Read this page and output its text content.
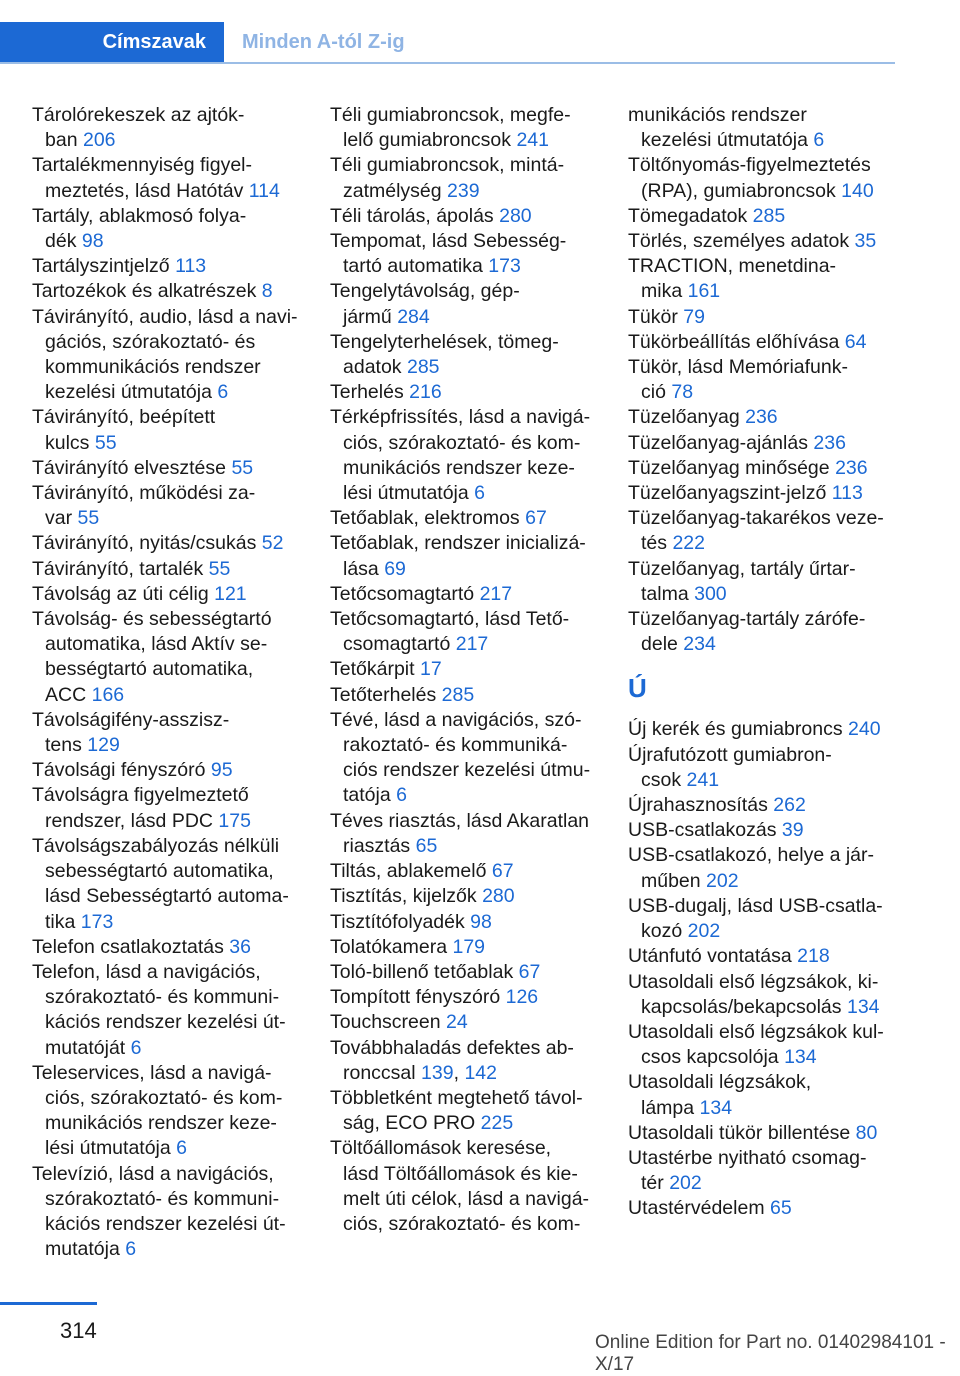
Címszavak	Minden A-tól Z-ig
Tárolórekeszek az ajtók-
ban 206
Tartalékmennyiség figyel-
meztetés, lásd Hatótáv 114
Tartály, ablakmosó folya-
dék 98
Tartályszintjelző 113
Tartozékok és alkatrészek 8
Távirányító, audio, lásd a navi-
gációs, szórakoztató- és
kommunikációs rendszer
kezelési útmutatója 6
Távirányító, beépített
kulcs 55
Távirányító elvesztése 55
Távirányító, működési za-
var 55
Távirányító, nyitás/csukás 52
Távirányító, tartalék 55
Távolság az úti célig 121
Távolság- és sebességtartó
automatika, lásd Aktív se-
bességtartó automatika,
ACC 166
Távolságifény-asszisz-
tens 129
Távolsági fényszóró 95
Távolságra figyelmeztető
rendszer, lásd PDC 175
Távolságszabályozás nélküli
sebességtartó automatika,
lásd Sebességtartó automa-
tika 173
Telefon csatlakoztatás 36
Telefon, lásd a navigációs,
szórakoztató- és kommuni-
kációs rendszer kezelési út-
mutatóját 6
Teleservices, lásd a navigá-
ciós, szórakoztató- és kom-
munikációs rendszer keze-
lési útmutatója 6
Televízió, lásd a navigációs,
szórakoztató- és kommuni-
kációs rendszer kezelési út-
mutatója 6
Téli gumiabroncsok, megfe-
lelő gumiabroncsok 241
Téli gumiabroncsok, mintá-
zatmélység 239
Téli tárolás, ápolás 280
Tempomat, lásd Sebesség-
tartó automatika 173
Tengelytávolság, gép-
jármű 284
Tengelyterhelések, tömeg-
adatok 285
Terhelés 216
Térképfrissítés, lásd a navigá-
ciós, szórakoztató- és kom-
munikációs rendszer keze-
lési útmutatója 6
Tetőablak, elektromos 67
Tetőablak, rendszer inicializá-
lása 69
Tetőcsomagtartó 217
Tetőcsomagtartó, lásd Tető-
csomagtartó 217
Tetőkárpit 17
Tetőterhelés 285
Tévé, lásd a navigációs, szó-
rakoztató- és kommuniká-
ciós rendszer kezelési útmu-
tatója 6
Téves riasztás, lásd Akaratlan
riasztás 65
Tiltás, ablakemelő 67
Tisztítás, kijelzők 280
Tisztítófolyadék 98
Tolatókamera 179
Toló-billenő tetőablak 67
Tompított fényszóró 126
Touchscreen 24
Továbbhaladás defektes ab-
ronccsal 139, 142
Többletként megtehető távol-
ság, ECO PRO 225
Töltőállomások keresése,
lásd Töltőállomások és kie-
melt úti célok, lásd a navigá-
ciós, szórakoztató- és kom-
munikációs rendszer
kezelési útmutatója 6
Töltőnyomás-figyelmeztetés
(RPA), gumiabroncsok 140
Tömegadatok 285
Törlés, személyes adatok 35
TRACTION, menetdina-
mika 161
Tükör 79
Tükörbeállítás előhívása 64
Tükör, lásd Memóriafunk-
ció 78
Tüzelőanyag 236
Tüzelőanyag-ajánlás 236
Tüzelőanyag minősége 236
Tüzelőanyagszint-jelző 113
Tüzelőanyag-takarékos veze-
tés 222
Tüzelőanyag, tartály űrtar-
talma 300
Tüzelőanyag-tartály zárófe-
dele 234
Ú
Új kerék és gumiabroncs 240
Újrafutózott gumiabron-
csok 241
Újrahasznosítás 262
USB-csatlakozás 39
USB-csatlakozó, helye a jár-
műben 202
USB-dugalj, lásd USB-csatla-
kozó 202
Utánfutó vontatása 218
Utasoldali első légzsákok, ki-
kapcsolás/bekapcsolás 134
Utasoldali első légzsákok kul-
csos kapcsolója 134
Utasoldali légzsákok,
lámpa 134
Utasoldali tükör billentése 80
Utastérbe nyitható csomag-
tér 202
Utastérvédelem 65
314	Online Edition for Part no. 01402984101 - X/17
